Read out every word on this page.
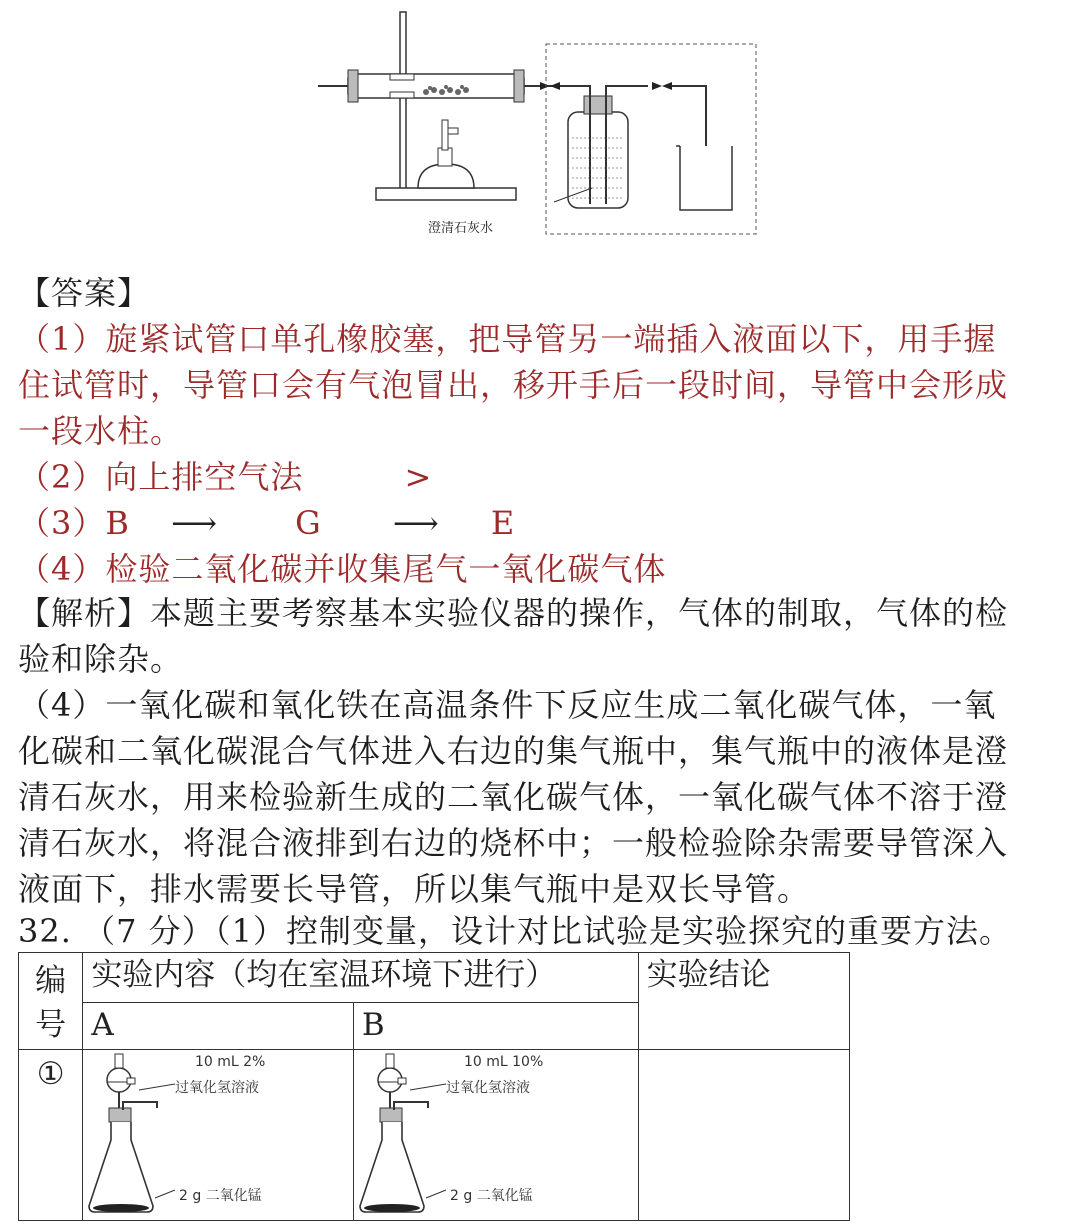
澄清石灰水
【答案】
（1）旋紧试管口单孔橡胶塞，把导管另一端插入液面以下，用手握
住试管时，导管口会有气泡冒出，移开手后一段时间，导管中会形成
一段水柱。
（2）向上排空气法	>
（3）B ⟶ G ⟶ E
（4）检验二氧化碳并收集尾气一氧化碳气体
【解析】本题主要考察基本实验仪器的操作，气体的制取，气体的检
验和除杂。
（4）一氧化碳和氧化铁在高温条件下反应生成二氧化碳气体，一氧
化碳和二氧化碳混合气体进入右边的集气瓶中，集气瓶中的液体是澄
清石灰水，用来检验新生成的二氧化碳气体，一氧化碳气体不溶于澄
清石灰水，将混合液排到右边的烧杯中；一般检验除杂需要导管深入
液面下，排水需要长导管，所以集气瓶中是双长导管。
32. （7 分）（1）控制变量，设计对比试验是实验探究的重要方法。
编号	实验内容（均在室温环境下进行）		实验结论
	A	B	
①	10 mL 2%
过氧化氢溶液
2 g 二氧化锰	10 mL 10%
过氧化氢溶液
2 g 二氧化锰	
